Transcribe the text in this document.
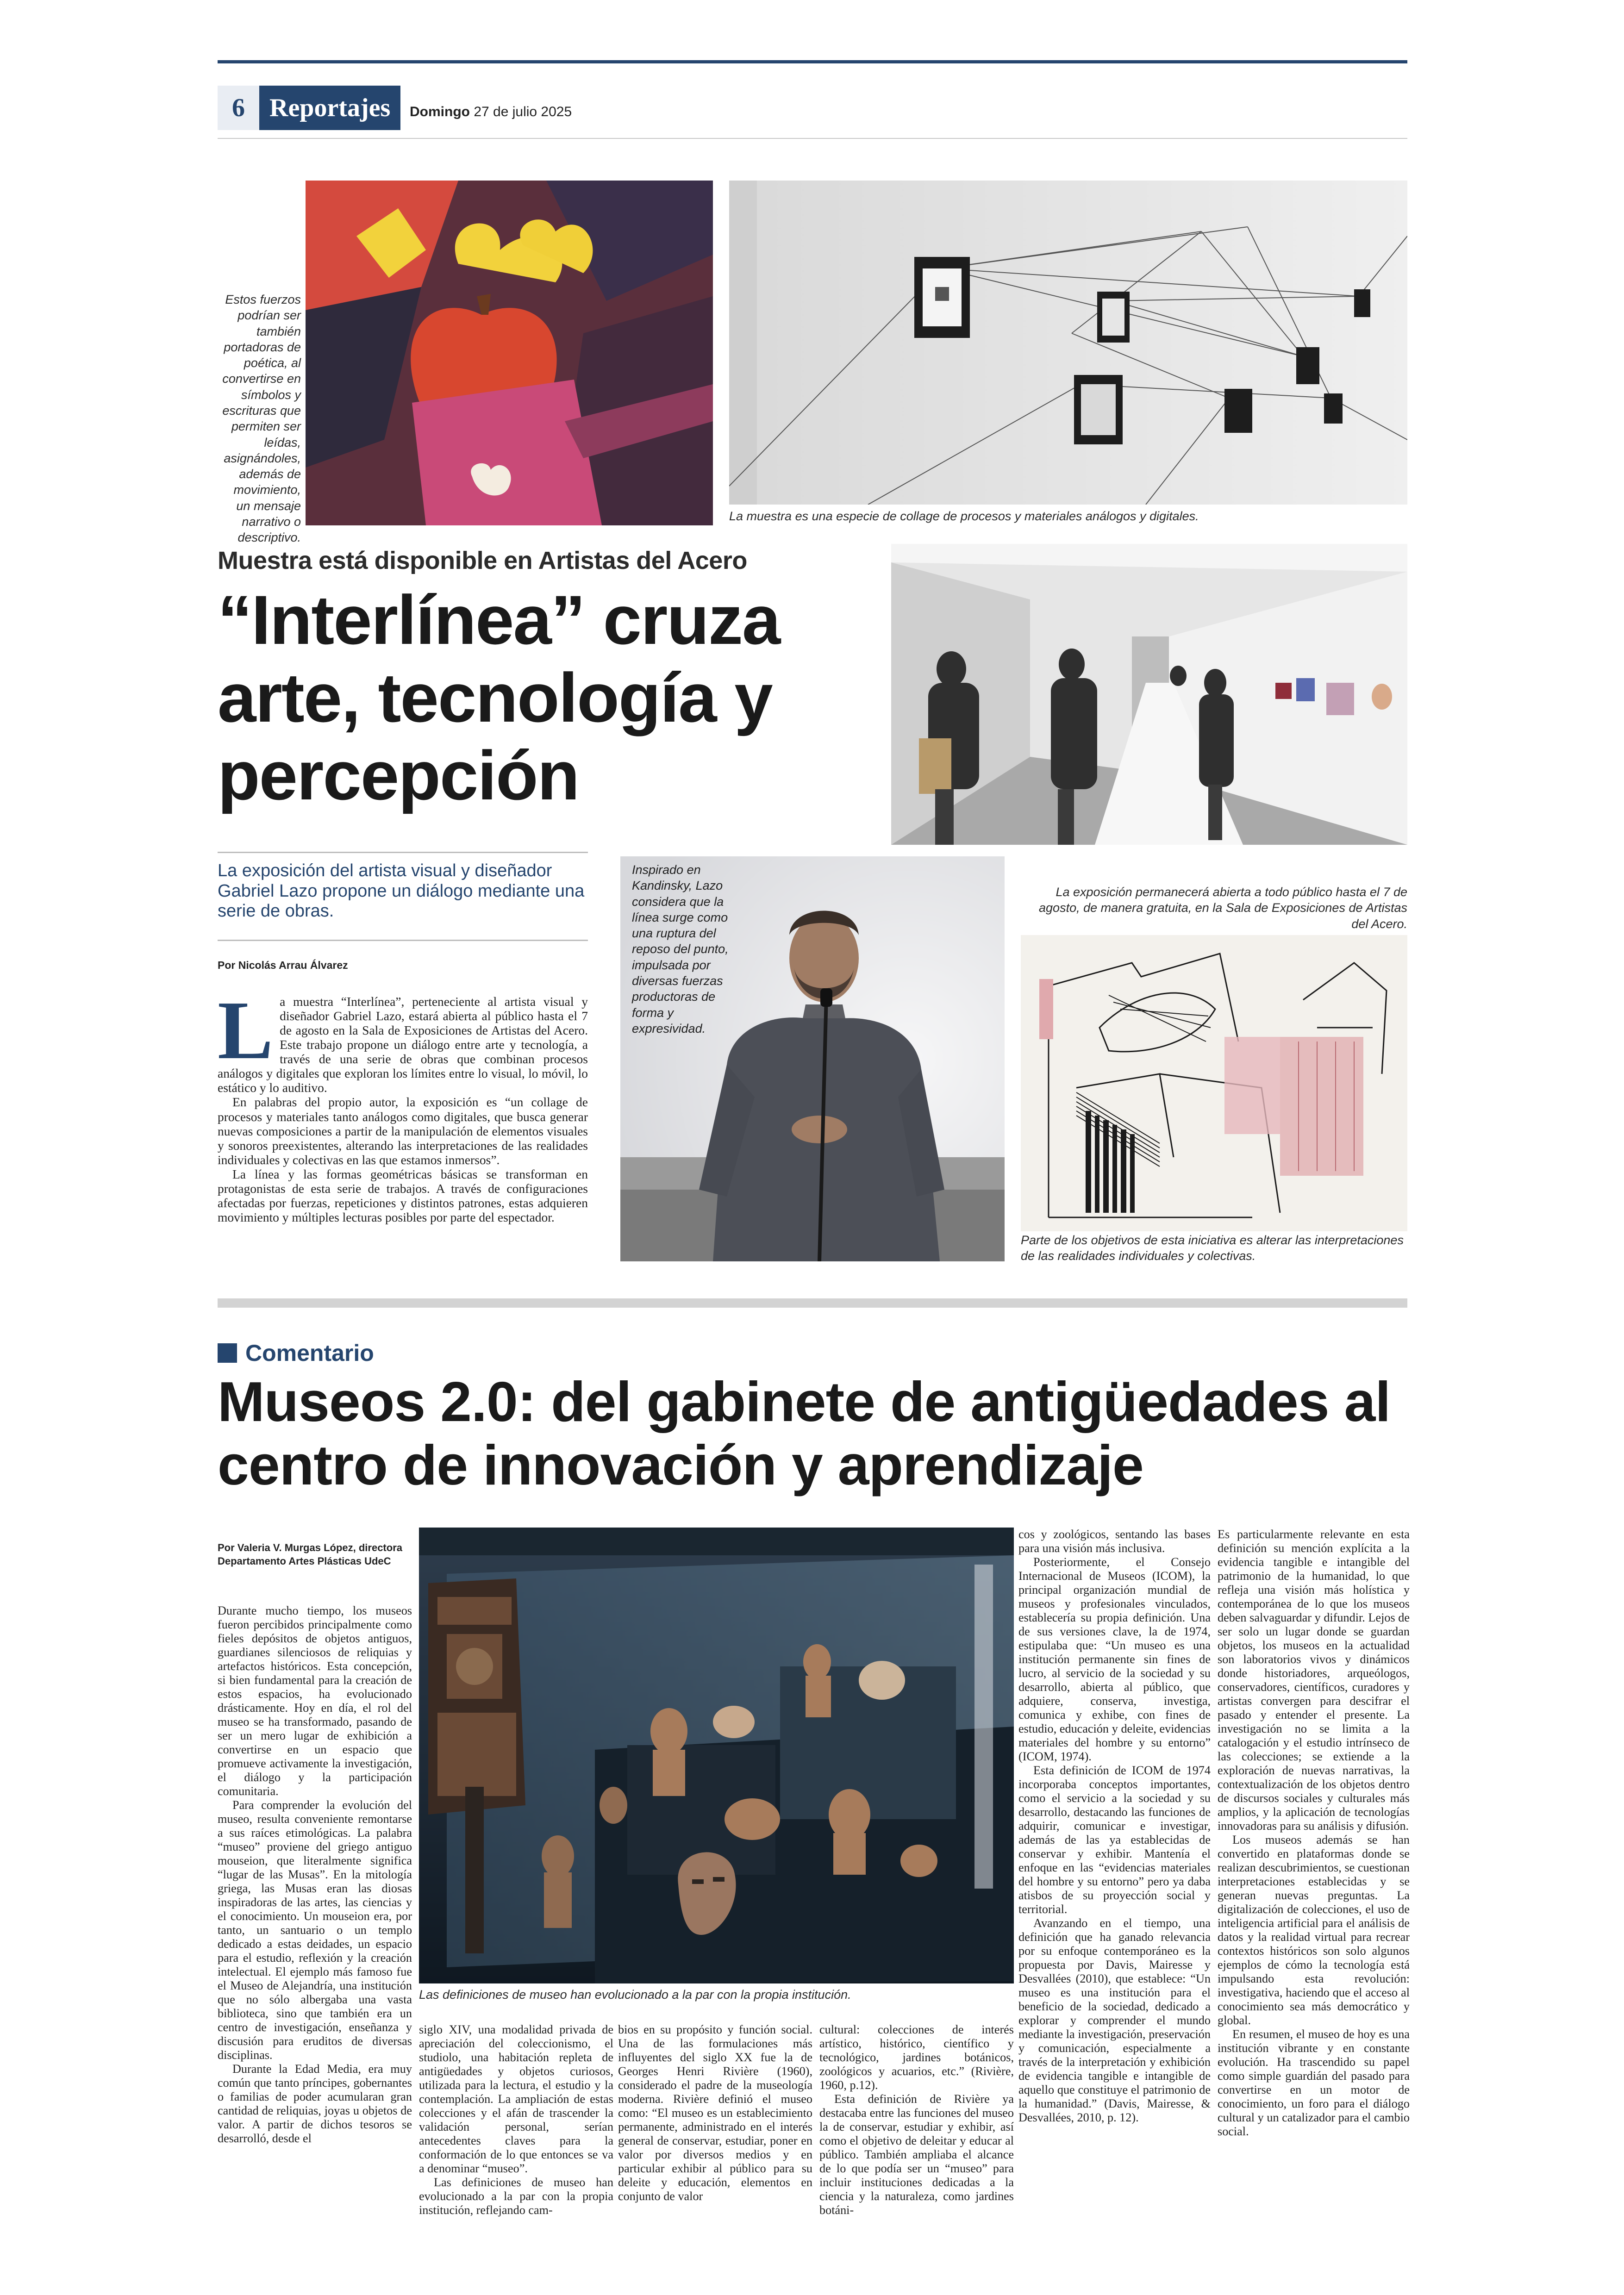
6 Reportajes	Domingo 27 de julio 2025
Estos fuerzos podrían ser también portadoras de poética, al convertirse en símbolos y escrituras que permiten ser leídas, asignándoles, además de movimiento, un mensaje narrativo o descriptivo.
La muestra es una especie de collage de procesos y materiales análogos y digitales.
Muestra está disponible en Artistas del Acero
“Interlínea” cruza arte, tecnología y percepción
La exposición del artista visual y diseñador Gabriel Lazo propone un diálogo mediante una serie de obras.
Por Nicolás Arrau Álvarez
L a muestra “Interlínea”, perteneciente al artista visual y diseñador Gabriel Lazo, estará abierta al público hasta el 7 de agosto en la Sala de Exposiciones de Artistas del Acero. Este trabajo propone un diálogo entre arte y tecnología, a través de una serie de obras que combinan procesos análogos y digitales que exploran los límites entre lo visual, lo móvil, lo estático y lo auditivo.

En palabras del propio autor, la exposición es “un collage de procesos y materiales tanto análogos como digitales, que busca generar nuevas composiciones a partir de la manipulación de elementos visuales y sonoros preexistentes, alterando las interpretaciones de las realidades individuales y colectivas en las que estamos inmersos”.

La línea y las formas geométricas básicas se transforman en protagonistas de esta serie de trabajos. A través de configuraciones afectadas por fuerzas, repeticiones y distintos patrones, estas adquieren movimiento y múltiples lecturas posibles por parte del espectador.

Inspirado en Kandinsky, Lazo considera que la línea surge como una ruptura del reposo del punto, impulsada por diversas fuerzas productoras de forma y expresividad.
La exposición permanecerá abierta a todo público hasta el 7 de agosto, de manera gratuita, en la Sala de Exposiciones de Artistas del Acero.
Parte de los objetivos de esta iniciativa es alterar las interpretaciones de las realidades individuales y colectivas.
Comentario
Museos 2.0: del gabinete de antigüedades al centro de innovación y aprendizaje
Por Valeria V. Murgas López, directora
Departamento Artes Plásticas UdeC
Las definiciones de museo han evolucionado a la par con la propia institución.

Durante mucho tiempo, los museos fueron percibidos principalmente como fieles depósitos de objetos antiguos, guardianes silenciosos de reliquias y artefactos históricos. Esta concepción, si bien fundamental para la creación de estos espacios, ha evolucionado drásticamente. Hoy en día, el rol del museo se ha transformado, pasando de ser un mero lugar de exhibición a convertirse en un espacio que promueve activamente la investigación, el diálogo y la participación comunitaria.

Para comprender la evolución del museo, resulta conveniente remontarse a sus raíces etimológicas. La palabra “museo” proviene del griego antiguo mouseion, que literalmente significa “lugar de las Musas”. En la mitología griega, las Musas eran las diosas inspiradoras de las artes, las ciencias y el conocimiento. Un mouseion era, por tanto, un santuario o un templo dedicado a estas deidades, un espacio para el estudio, reflexión y la creación intelectual. El ejemplo más famoso fue el Museo de Alejandría, una institución que no sólo albergaba una vasta biblioteca, sino que también era un centro de investigación, enseñanza y discusión para eruditos de diversas disciplinas.

Durante la Edad Media, era muy común que tanto príncipes, gobernantes o familias de poder acumularan gran cantidad de reliquias, joyas u objetos de valor. A partir de dichos tesoros se desarrolló, desde el

siglo XIV, una modalidad privada de apreciación del coleccionismo, el studiolo, una habitación repleta de antigüedades y objetos curiosos, utilizada para la lectura, el estudio y la contemplación. La ampliación de estas colecciones y el afán de trascender la validación personal, serían antecedentes claves para la conformación de lo que entonces se va a denominar “museo”.

Las definiciones de museo han evolucionado a la par con la propia institución, reflejando cam-

bios en su propósito y función social. Una de las formulaciones más influyentes del siglo XX fue la de Georges Henri Rivière (1960), considerado el padre de la museología moderna. Rivière definió el museo como: “El museo es un establecimiento permanente, administrado en el interés general de conservar, estudiar, poner en valor por diversos medios y en particular exhibir al público para su deleite y educación, elementos en conjunto de valor

cultural: colecciones de interés artístico, histórico, científico y tecnológico, jardines botánicos, zoológicos y acuarios, etc.” (Rivière, 1960, p.12).

Esta definición de Rivière ya destacaba entre las funciones del museo la de conservar, estudiar y exhibir, así como el objetivo de deleitar y educar al público. También ampliaba el alcance de lo que podía ser un “museo” para incluir instituciones dedicadas a la ciencia y la naturaleza, como jardines botáni-

cos y zoológicos, sentando las bases para una visión más inclusiva.

Posteriormente, el Consejo Internacional de Museos (ICOM), la principal organización mundial de museos y profesionales vinculados, establecería su propia definición. Una de sus versiones clave, la de 1974, estipulaba que: “Un museo es una institución permanente sin fines de lucro, al servicio de la sociedad y su desarrollo, abierta al público, que adquiere, conserva, investiga, comunica y exhibe, con fines de estudio, educación y deleite, evidencias materiales del hombre y su entorno” (ICOM, 1974).

Esta definición de ICOM de 1974 incorporaba conceptos importantes, como el servicio a la sociedad y su desarrollo, destacando las funciones de adquirir, comunicar e investigar, además de las ya establecidas de conservar y exhibir. Mantenía el enfoque en las “evidencias materiales del hombre y su entorno” pero ya daba atisbos de su proyección social y territorial.

Avanzando en el tiempo, una definición que ha ganado relevancia por su enfoque contemporáneo es la propuesta por Davis, Mairesse y Desvallées (2010), que establece: “Un museo es una institución para el beneficio de la sociedad, dedicado a explorar y comprender el mundo mediante la investigación, preservación y comunicación, especialmente a través de la interpretación y exhibición de evidencia tangible e intangible de aquello que constituye el patrimonio de la humanidad.” (Davis, Mairesse, & Desvallées, 2010, p. 12).

Es particularmente relevante en esta definición su mención explícita a la evidencia tangible e intangible del patrimonio de la humanidad, lo que refleja una visión más holística y contemporánea de lo que los museos deben salvaguardar y difundir. Lejos de ser solo un lugar donde se guardan objetos, los museos en la actualidad son laboratorios vivos y dinámicos donde historiadores, arqueólogos, conservadores, científicos, curadores y artistas convergen para descifrar el pasado y entender el presente. La investigación no se limita a la catalogación y el estudio intrínseco de las colecciones; se extiende a la exploración de nuevas narrativas, la contextualización de los objetos dentro de discursos sociales y culturales más amplios, y la aplicación de tecnologías innovadoras para su análisis y difusión.

Los museos además se han convertido en plataformas donde se realizan descubrimientos, se cuestionan interpretaciones establecidas y se generan nuevas preguntas. La digitalización de colecciones, el uso de inteligencia artificial para el análisis de datos y la realidad virtual para recrear contextos históricos son solo algunos ejemplos de cómo la tecnología está impulsando esta revolución: investigativa, haciendo que el acceso al conocimiento sea más democrático y global.

En resumen, el museo de hoy es una institución vibrante y en constante evolución. Ha trascendido su papel como simple guardián del pasado para convertirse en un motor de conocimiento, un foro para el diálogo cultural y un catalizador para el cambio social.
